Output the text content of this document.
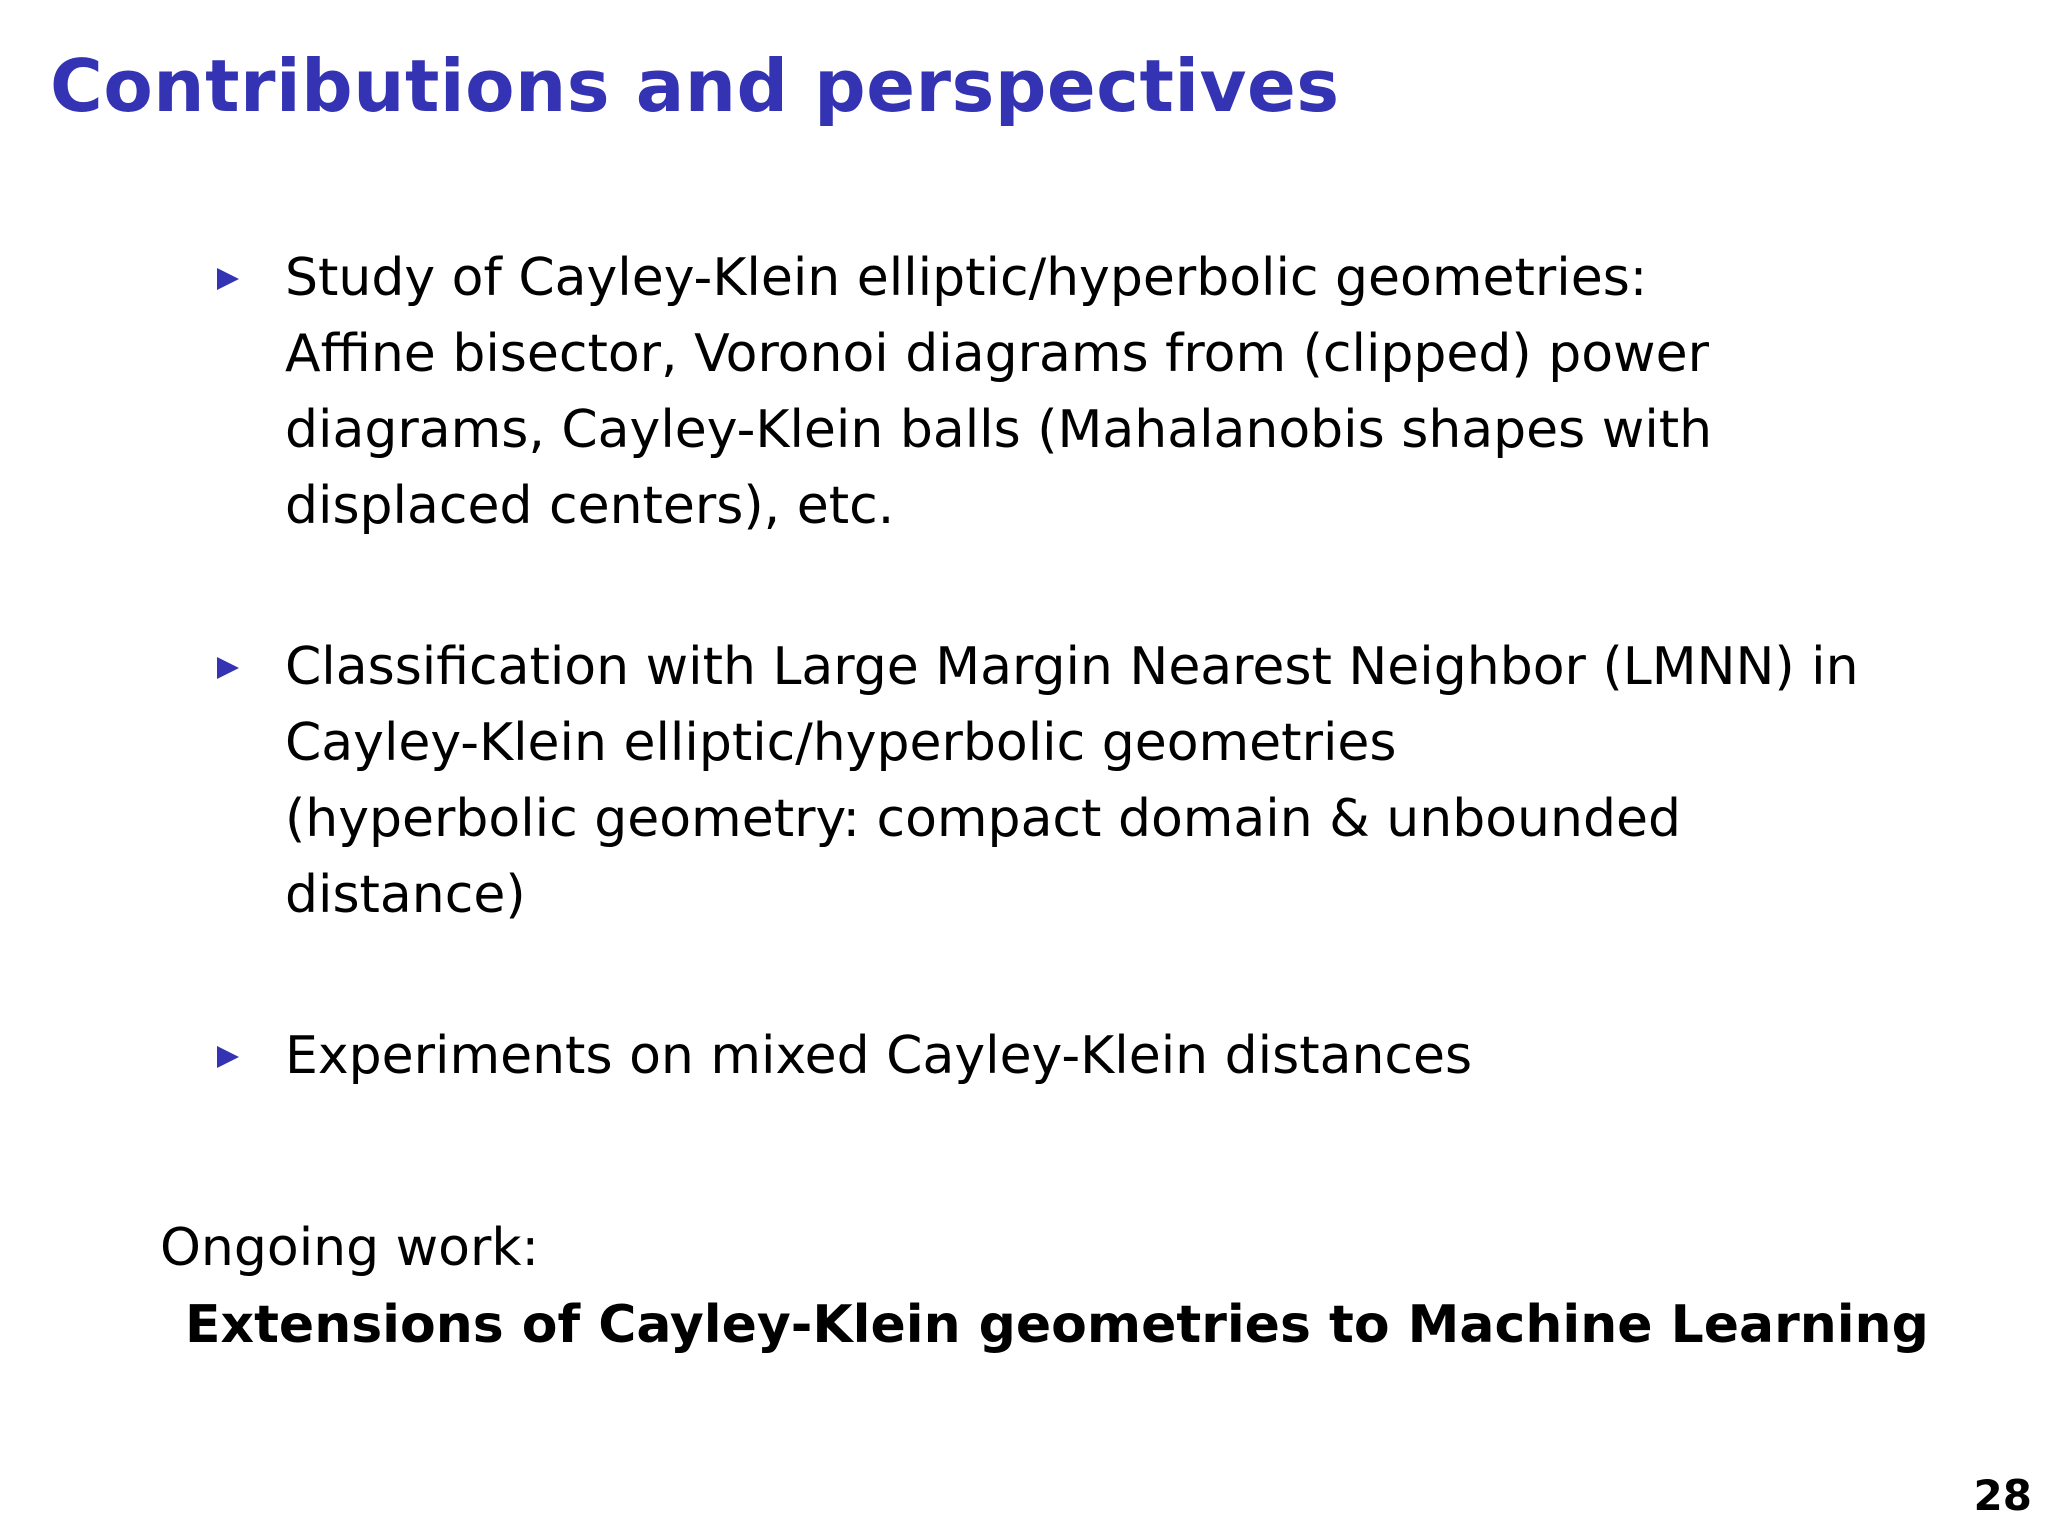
Contributions and perspectives
Study of Cayley-Klein elliptic/hyperbolic geometries:
Affine bisector, Voronoi diagrams from (clipped) power
diagrams, Cayley-Klein balls (Mahalanobis shapes with
displaced centers), etc.
Classification with Large Margin Nearest Neighbor (LMNN) in
Cayley-Klein elliptic/hyperbolic geometries
(hyperbolic geometry: compact domain & unbounded
distance)
Experiments on mixed Cayley-Klein distances
Ongoing work:
Extensions of Cayley-Klein geometries to Machine Learning
28
